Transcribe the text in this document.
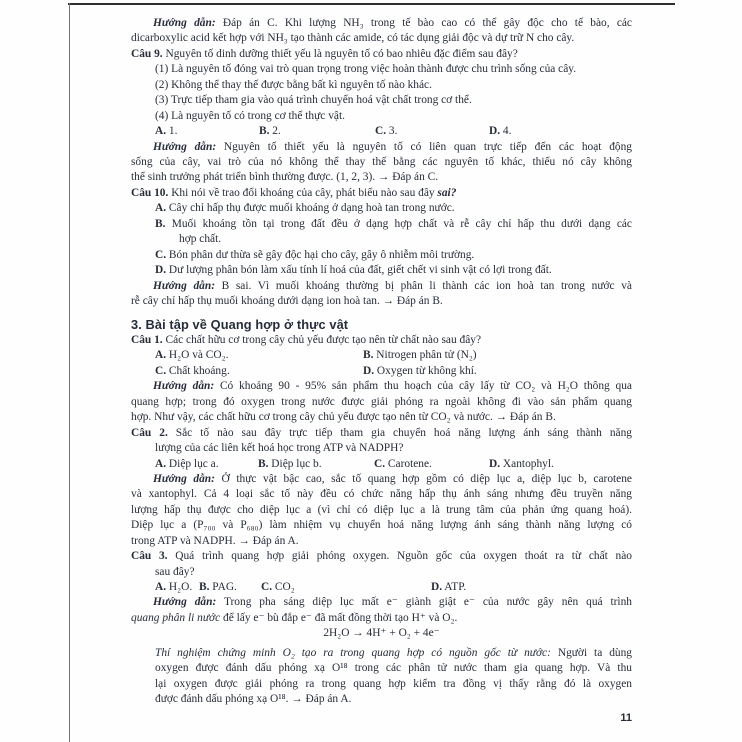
Hướng dẫn: Đáp án C. Khi lượng NH₃ trong tế bào cao có thể gây độc cho tế bào, các
dicarboxylic acid kết hợp với NH₃ tạo thành các amide, có tác dụng giải độc và dự trữ N cho cây.
Câu 9. Nguyên tố dinh dưỡng thiết yếu là nguyên tố có bao nhiêu đặc điểm sau đây?
(1) Là nguyên tố đóng vai trò quan trọng trong việc hoàn thành được chu trình sống của cây.
(2) Không thể thay thế được bằng bất kì nguyên tố nào khác.
(3) Trực tiếp tham gia vào quá trình chuyển hoá vật chất trong cơ thể.
(4) Là nguyên tố có trong cơ thể thực vật.
A. 1.	B. 2.	C. 3.	D. 4.
Hướng dẫn: Nguyên tố thiết yếu là nguyên tố có liên quan trực tiếp đến các hoạt động
sống của cây, vai trò của nó không thể thay thế bằng các nguyên tố khác, thiếu nó cây không
thể sinh trưởng phát triển bình thường được. (1, 2, 3). → Đáp án C.
Câu 10. Khi nói về trao đổi khoáng của cây, phát biểu nào sau đây sai?
A. Cây chỉ hấp thụ được muối khoáng ở dạng hoà tan trong nước.
B. Muối khoáng tồn tại trong đất đều ở dạng hợp chất và rễ cây chỉ hấp thu dưới dạng các
hợp chất.
C. Bón phân dư thừa sẽ gây độc hại cho cây, gây ô nhiễm môi trường.
D. Dư lượng phân bón làm xấu tính lí hoá của đất, giết chết vi sinh vật có lợi trong đất.
Hướng dẫn: B sai. Vì muối khoáng thường bị phân li thành các ion hoà tan trong nước và
rễ cây chỉ hấp thụ muối khoáng dưới dạng ion hoà tan. → Đáp án B.
3. Bài tập về Quang hợp ở thực vật
Câu 1. Các chất hữu cơ trong cây chủ yếu được tạo nên từ chất nào sau đây?
A. H₂O và CO₂.	B. Nitrogen phân tử (N₂)
C. Chất khoáng.	D. Oxygen từ không khí.
Hướng dẫn: Có khoảng 90 - 95% sản phẩm thu hoạch của cây lấy từ CO₂ và H₂O thông qua
quang hợp; trong đó oxygen trong nước được giải phóng ra ngoài không đi vào sản phẩm quang
hợp. Như vậy, các chất hữu cơ trong cây chủ yếu được tạo nên từ CO₂ và nước. → Đáp án B.
Câu 2. Sắc tố nào sau đây trực tiếp tham gia chuyển hoá năng lượng ánh sáng thành năng
lượng của các liên kết hoá học trong ATP và NADPH?
A. Diệp lục a.	B. Diệp lục b.	C. Carotene.	D. Xantophyl.
Hướng dẫn: Ở thực vật bậc cao, sắc tố quang hợp gồm có diệp lục a, diệp lục b, carotene
và xantophyl. Cả 4 loại sắc tố này đều có chức năng hấp thụ ánh sáng nhưng đều truyền năng
lượng hấp thụ được cho diệp lục a (vì chỉ có diệp lục a là trung tâm của phản ứng quang hoá).
Diệp lục a (P₇₀₀ và P₆₈₀) làm nhiệm vụ chuyển hoá năng lượng ánh sáng thành năng lượng có
trong ATP và NADPH. → Đáp án A.
Câu 3. Quá trình quang hợp giải phóng oxygen. Nguồn gốc của oxygen thoát ra từ chất nào
sau đây?
A. H₂O. B. PAG. C. CO₂	D. ATP.
Hướng dẫn: Trong pha sáng diệp lục mất e⁻ giành giật e⁻ của nước gây nên quá trình
quang phân li nước để lấy e⁻ bù đắp e⁻ đã mất đồng thời tạo H⁺ và O₂.
2H₂O → 4H⁺ + O₂ + 4e⁻
Thí nghiệm chứng minh O₂ tạo ra trong quang hợp có nguồn gốc từ nước: Người ta dùng
oxygen được đánh dấu phóng xạ O¹⁸ trong các phân tử nước tham gia quang hợp. Và thu
lại oxygen được giải phóng ra trong quang hợp kiểm tra đồng vị thấy rằng đó là oxygen
được đánh dấu phóng xạ O¹⁸. → Đáp án A.
11
